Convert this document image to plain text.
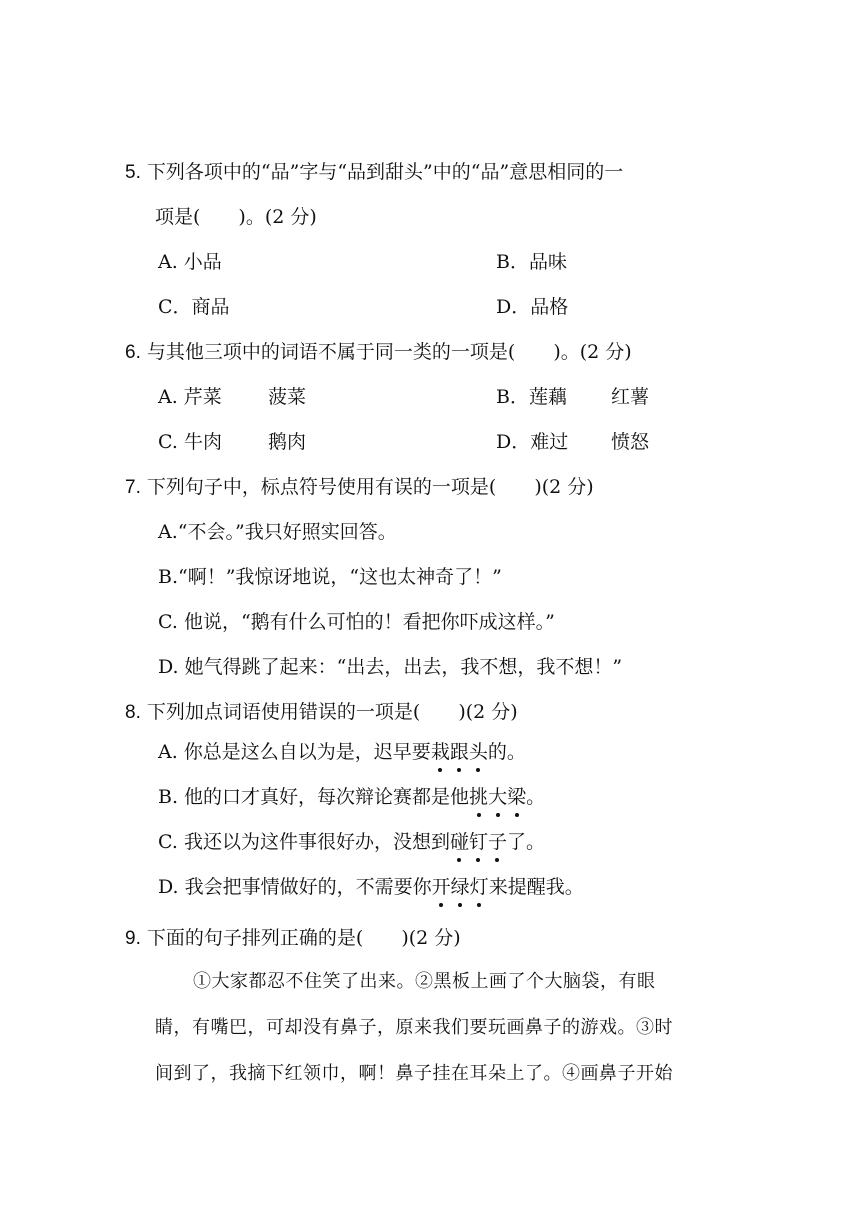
5. 下列各项中的“品”字与“品到甜头”中的“品”意思相同的一
项是(　　)。(2 分)
A. 小品	B．品味
C．商品	D．品格
6. 与其他三项中的词语不属于同一类的一项是(　　)。(2 分)
A. 芹菜 菠菜	B．莲藕 红薯
C. 牛肉 鹅肉	D．难过 愤怒
7. 下列句子中，标点符号使用有误的一项是(　　)(2 分)
A.“不会。”我只好照实回答。
B.“啊！”我惊讶地说，“这也太神奇了！”
C. 他说，“鹅有什么可怕的！看把你吓成这样。”
D. 她气得跳了起来：“出去，出去，我不想，我不想！”
8. 下列加点词语使用错误的一项是(　　)(2 分)
A. 你总是这么自以为是，迟早要栽跟头的。
B. 他的口才真好，每次辩论赛都是他挑大梁。
C. 我还以为这件事很好办，没想到碰钉子了。
D. 我会把事情做好的，不需要你开绿灯来提醒我。
9. 下面的句子排列正确的是(　　)(2 分)
①大家都忍不住笑了出来。②黑板上画了个大脑袋，有眼
睛，有嘴巴，可却没有鼻子，原来我们要玩画鼻子的游戏。③时
间到了，我摘下红领巾，啊！鼻子挂在耳朵上了。④画鼻子开始
